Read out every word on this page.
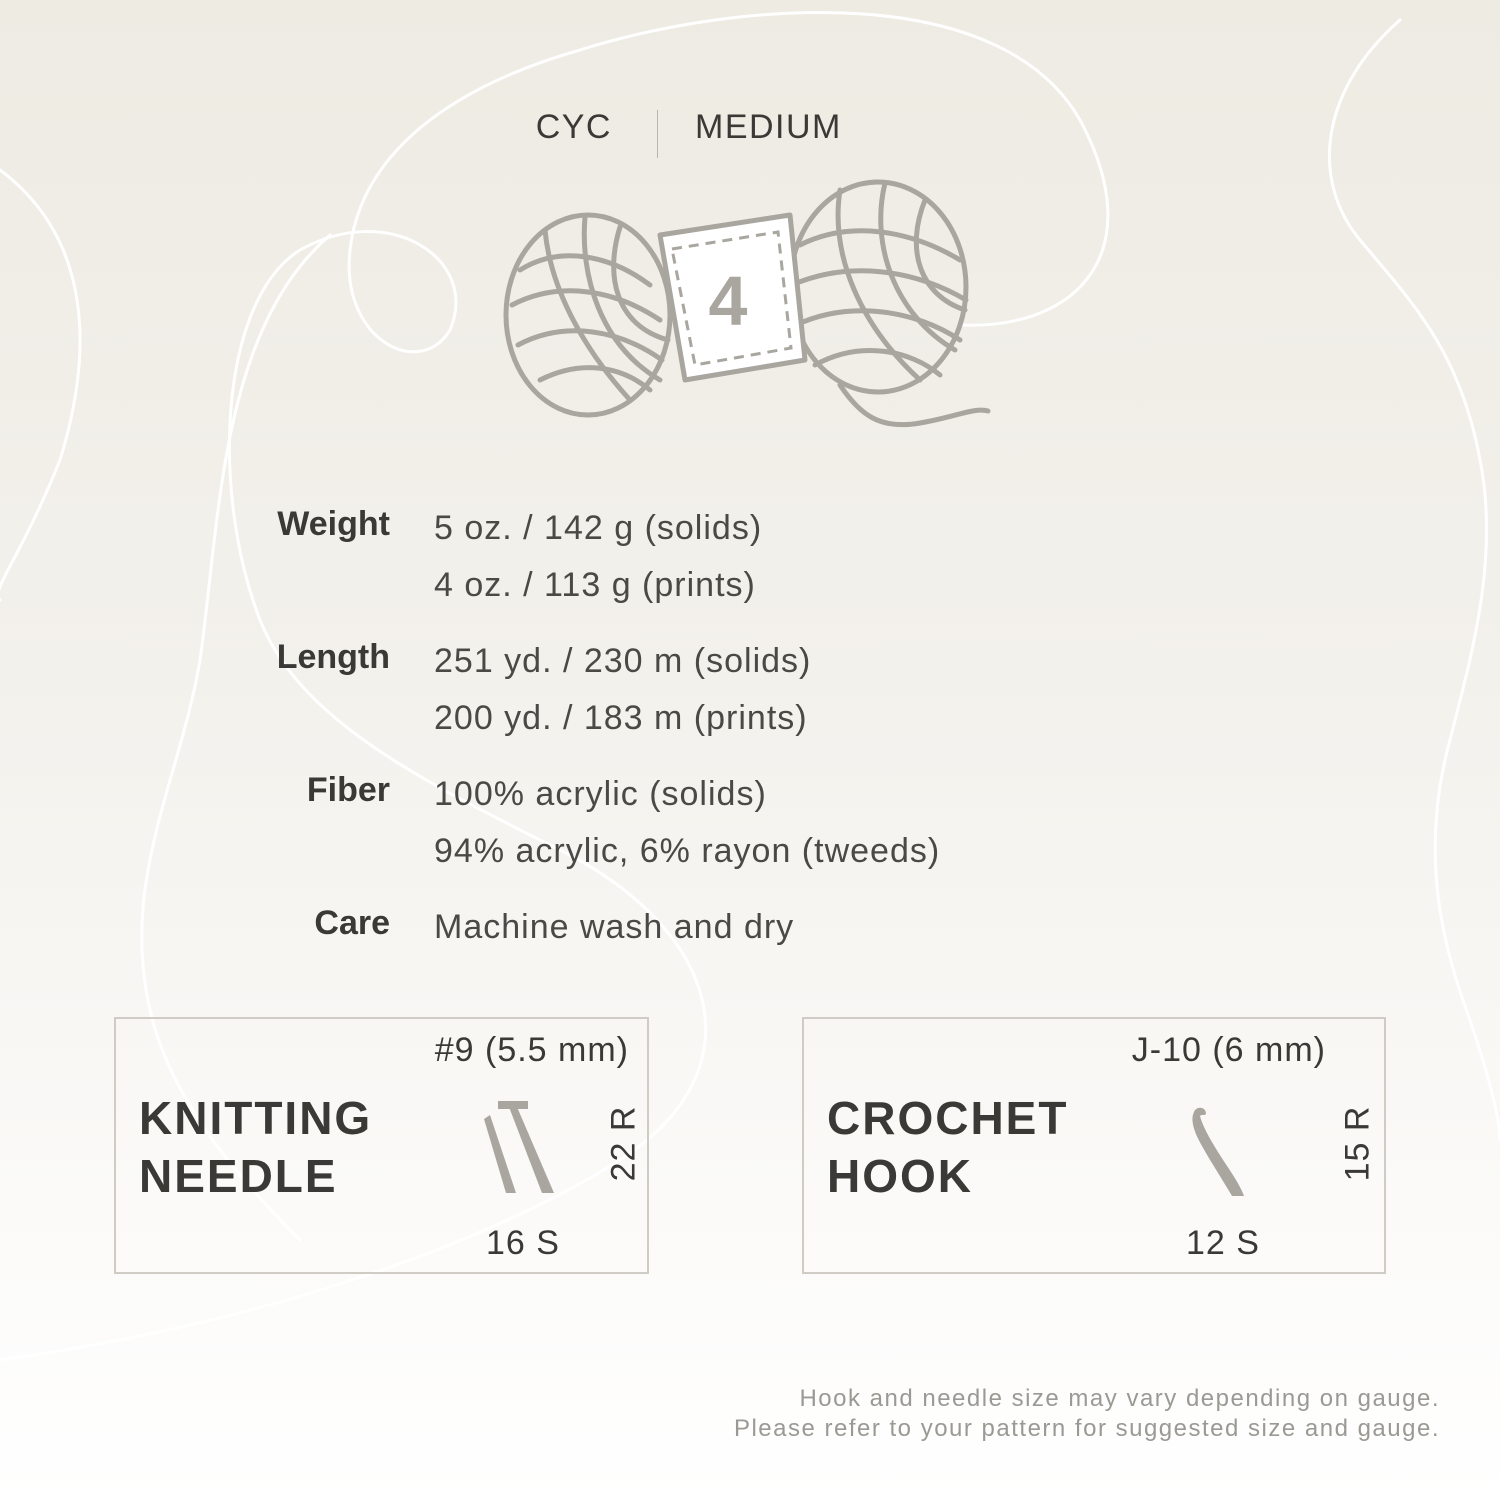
CYC MEDIUM
4
Weight 5 oz. / 142 g (solids)
4 oz. / 113 g (prints)
Length 251 yd. / 230 m (solids)
200 yd. / 183 m (prints)
Fiber 100% acrylic (solids)
94% acrylic, 6% rayon (tweeds)
Care Machine wash and dry
#9 (5.5 mm)
KNITTING
NEEDLE	22 R
16 S
J-10 (6 mm)
CROCHET
HOOK	15 R
12 S
Hook and needle size may vary depending on gauge.
Please refer to your pattern for suggested size and gauge.
